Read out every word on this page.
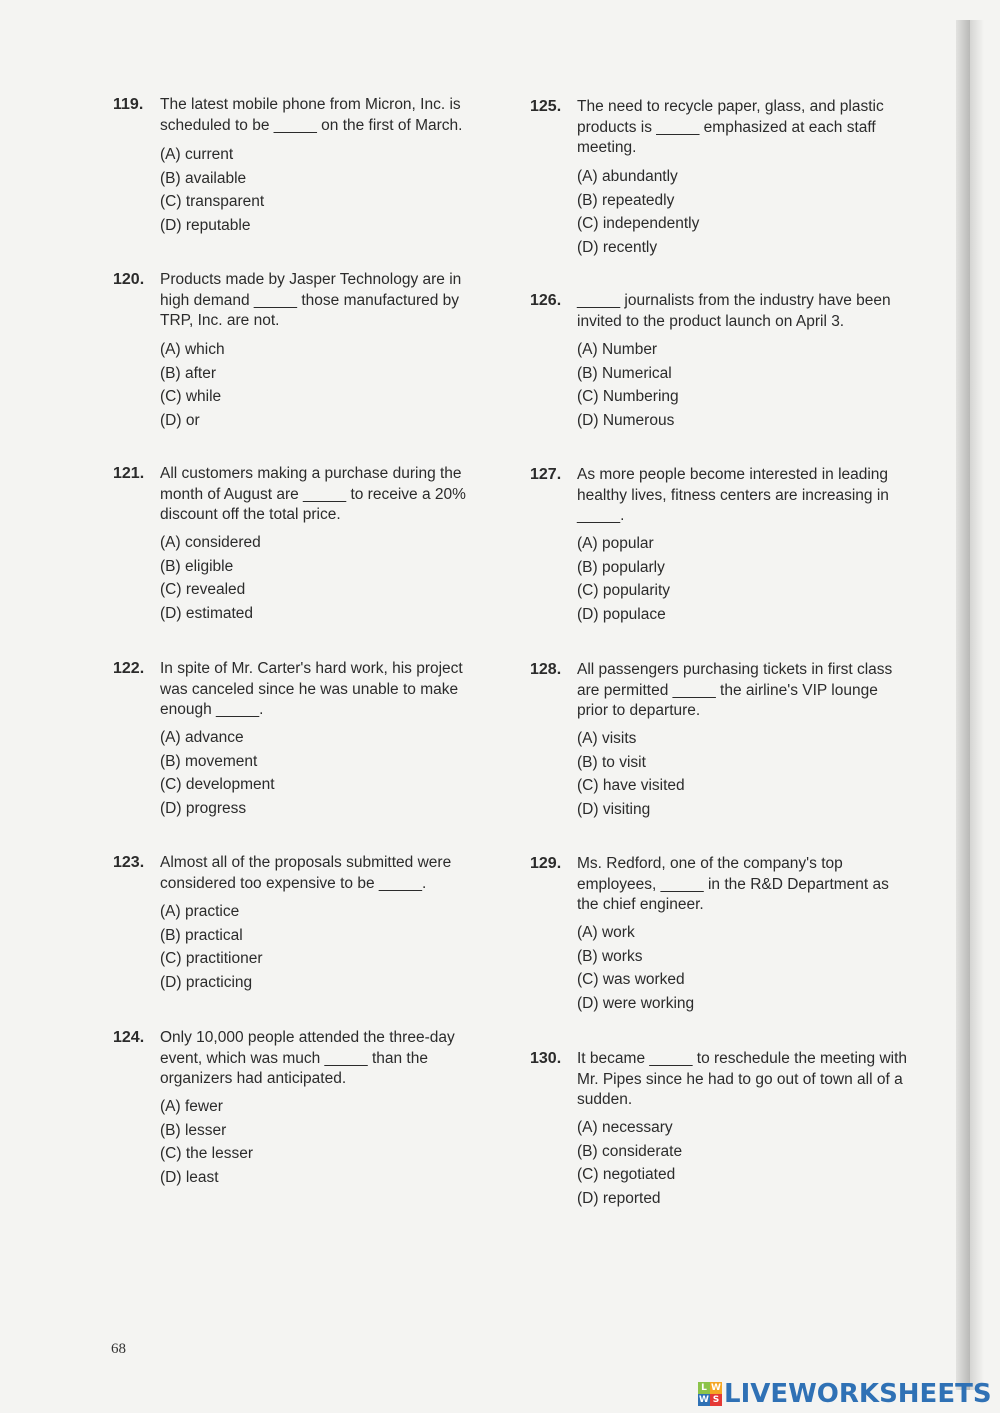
119. The latest mobile phone from Micron, Inc. is scheduled to be _____ on the first of March.
(A) current
(B) available
(C) transparent
(D) reputable
120. Products made by Jasper Technology are in high demand _____ those manufactured by TRP, Inc. are not.
(A) which
(B) after
(C) while
(D) or
121. All customers making a purchase during the month of August are _____ to receive a 20% discount off the total price.
(A) considered
(B) eligible
(C) revealed
(D) estimated
122. In spite of Mr. Carter's hard work, his project was canceled since he was unable to make enough _____.
(A) advance
(B) movement
(C) development
(D) progress
123. Almost all of the proposals submitted were considered too expensive to be _____.
(A) practice
(B) practical
(C) practitioner
(D) practicing
124. Only 10,000 people attended the three-day event, which was much _____ than the organizers had anticipated.
(A) fewer
(B) lesser
(C) the lesser
(D) least
125. The need to recycle paper, glass, and plastic products is _____ emphasized at each staff meeting.
(A) abundantly
(B) repeatedly
(C) independently
(D) recently
126. _____ journalists from the industry have been invited to the product launch on April 3.
(A) Number
(B) Numerical
(C) Numbering
(D) Numerous
127. As more people become interested in leading healthy lives, fitness centers are increasing in _____.
(A) popular
(B) popularly
(C) popularity
(D) populace
128. All passengers purchasing tickets in first class are permitted _____ the airline's VIP lounge prior to departure.
(A) visits
(B) to visit
(C) have visited
(D) visiting
129. Ms. Redford, one of the company's top employees, _____ in the R&D Department as the chief engineer.
(A) work
(B) works
(C) was worked
(D) were working
130. It became _____ to reschedule the meeting with Mr. Pipes since he had to go out of town all of a sudden.
(A) necessary
(B) considerate
(C) negotiated
(D) reported
68
L W
W S LIVEWORKSHEETS
